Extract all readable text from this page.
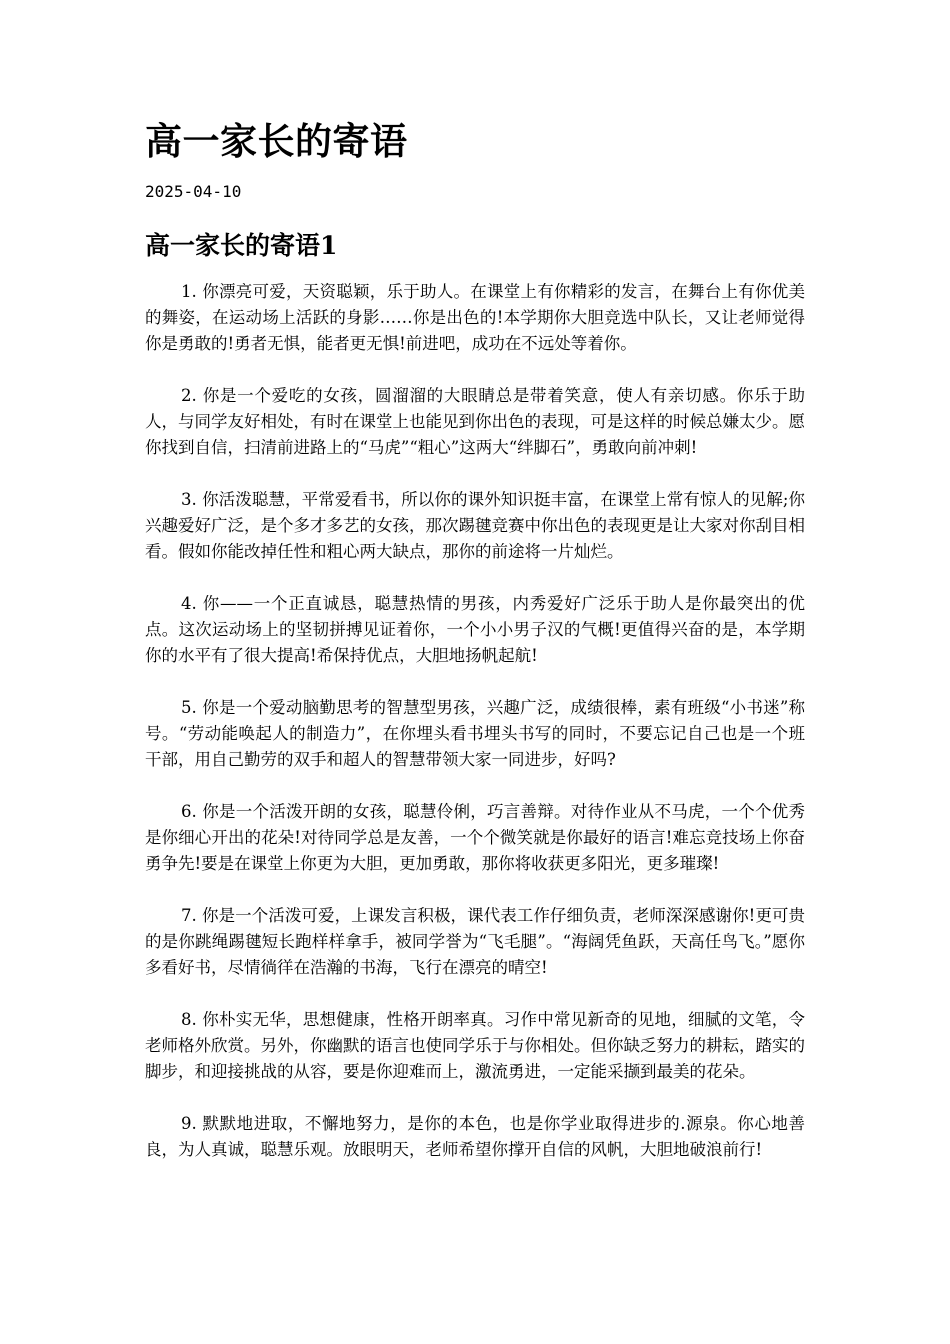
高一家长的寄语
2025-04-10
高一家长的寄语1

1. 你漂亮可爱，天资聪颖，乐于助人。在课堂上有你精彩的发言，在舞台上有你优美的舞姿，在运动场上活跃的身影……你是出色的!本学期你大胆竞选中队长，又让老师觉得你是勇敢的!勇者无惧，能者更无惧!前进吧，成功在不远处等着你。

2. 你是一个爱吃的女孩，圆溜溜的大眼睛总是带着笑意，使人有亲切感。你乐于助人，与同学友好相处，有时在课堂上也能见到你出色的表现，可是这样的时候总嫌太少。愿你找到自信，扫清前进路上的“马虎”“粗心”这两大“绊脚石”，勇敢向前冲刺!

3. 你活泼聪慧，平常爱看书，所以你的课外知识挺丰富，在课堂上常有惊人的见解;你兴趣爱好广泛，是个多才多艺的女孩，那次踢毽竞赛中你出色的表现更是让大家对你刮目相看。假如你能改掉任性和粗心两大缺点，那你的前途将一片灿烂。

4. 你——一个正直诚恳，聪慧热情的男孩，内秀爱好广泛乐于助人是你最突出的优点。这次运动场上的坚韧拼搏见证着你，一个小小男子汉的气概!更值得兴奋的是，本学期你的水平有了很大提高!希保持优点，大胆地扬帆起航!

5. 你是一个爱动脑勤思考的智慧型男孩，兴趣广泛，成绩很棒，素有班级“小书迷”称号。“劳动能唤起人的制造力”，在你埋头看书埋头书写的同时，不要忘记自己也是一个班干部，用自己勤劳的双手和超人的智慧带领大家一同进步，好吗?

6. 你是一个活泼开朗的女孩，聪慧伶俐，巧言善辩。对待作业从不马虎，一个个优秀是你细心开出的花朵!对待同学总是友善，一个个微笑就是你最好的语言!难忘竞技场上你奋勇争先!要是在课堂上你更为大胆，更加勇敢，那你将收获更多阳光，更多璀璨!

7. 你是一个活泼可爱，上课发言积极，课代表工作仔细负责，老师深深感谢你!更可贵的是你跳绳踢毽短长跑样样拿手，被同学誉为“飞毛腿”。“海阔凭鱼跃，天高任鸟飞。”愿你多看好书，尽情徜徉在浩瀚的书海，飞行在漂亮的晴空!

8. 你朴实无华，思想健康，性格开朗率真。习作中常见新奇的见地，细腻的文笔，令老师格外欣赏。另外，你幽默的语言也使同学乐于与你相处。但你缺乏努力的耕耘，踏实的脚步，和迎接挑战的从容，要是你迎难而上，激流勇进，一定能采撷到最美的花朵。

9. 默默地进取，不懈地努力，是你的本色，也是你学业取得进步的.源泉。你心地善良，为人真诚，聪慧乐观。放眼明天，老师希望你撑开自信的风帆，大胆地破浪前行!
